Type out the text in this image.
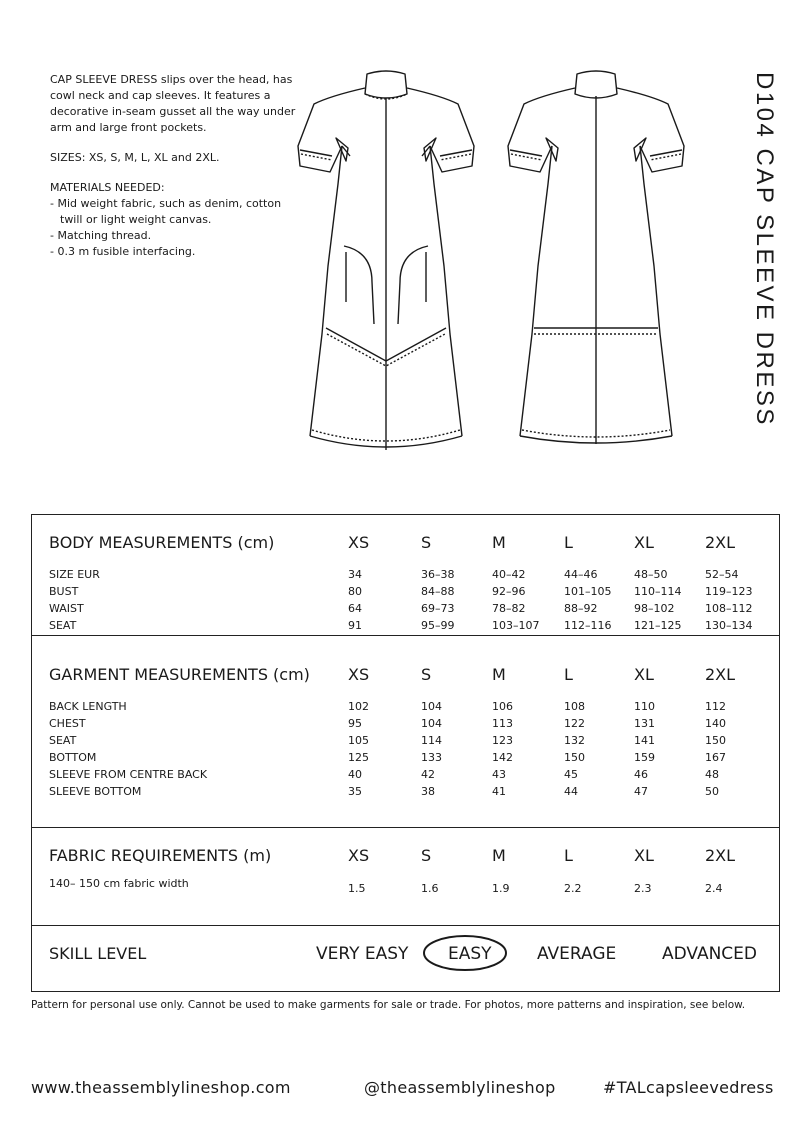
CAP SLEEVE DRESS slips over the head, has cowl neck and cap sleeves. It features a decorative in-seam gusset all the way under arm and large front pockets.

SIZES: XS, S, M, L, XL and 2XL.

MATERIALS NEEDED:
- Mid weight fabric, such as denim, cotton twill or light weight canvas.
- Matching thread.
- 0.3 m fusible interfacing.	D104 CAP SLEEVE DRESS
BODY MEASUREMENTS (cm)	XS	S	M	L	XL	2XL
SIZE EUR	34	36–38	40–42	44–46	48–50	52–54
BUST	80	84–88	92–96	101–105 110–114 119–123
WAIST	64	69–73	78–82	88–92	98–102	108–112
SEAT	91	95–99	103–107 112–116 121–125 130–134
GARMENT MEASUREMENTS (cm) XS	S	M	L	XL	2XL
BACK LENGTH	102	104	106	108	110	112
CHEST	95	104	113	122	131	140
SEAT	105	114	123	132	141	150
BOTTOM	125	133	142	150	159	167
SLEEVE FROM CENTRE BACK	40	42	43	45	46	48
SLEEVE BOTTOM	35	38	41	44	47	50
FABRIC REQUIREMENTS (m)	XS	S	M	L	XL	2XL
140– 150 cm fabric width	1.5	1.6	1.9	2.2	2.3	2.4
SKILL LEVEL	VERY EASY EASY	AVERAGE	ADVANCED
Pattern for personal use only. Cannot be used to make garments for sale or trade. For photos, more patterns and inspiration, see below.
www.theassemblylineshop.com	@theassemblylineshop	#TALcapsleevedress
